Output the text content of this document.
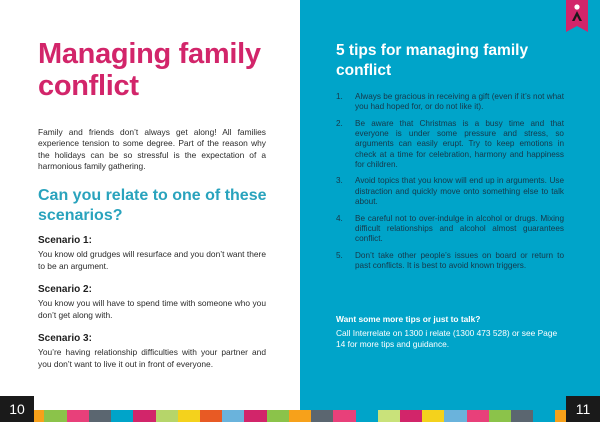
Managing family conflict

Family and friends don’t always get along! All families experience tension to some degree. Part of the reason why the holidays can be so stressful is the expectation of a harmonious family gathering.

Can you relate to one of these scenarios?

Scenario 1:

You know old grudges will resurface and you don’t want there to be an argument.

Scenario 2:

You know you will have to spend time with someone who you don’t get along with.

Scenario 3:

You’re having relationship difficulties with your partner and you don’t want to live it out in front of everyone.

5 tips for managing family conflict
1. Always be gracious in receiving a gift (even if it’s not what you had hoped for, or do not like it).
2. Be aware that Christmas is a busy time and that everyone is under some pressure and stress, so arguments can easily erupt. Try to keep emotions in check at a time for celebration, harmony and happiness for children.
3. Avoid topics that you know will end up in arguments. Use distraction and quickly move onto something else to talk about.
4. Be careful not to over-indulge in alcohol or drugs. Mixing difficult relationships and alcohol almost guarantees conflict.
5. Don’t take other people’s issues on board or return to past conflicts. It is best to avoid known triggers.

Want some more tips or just to talk?

Call Interrelate on 1300 i relate (1300 473 528) or see Page 14 for more tips and guidance.

10	11
